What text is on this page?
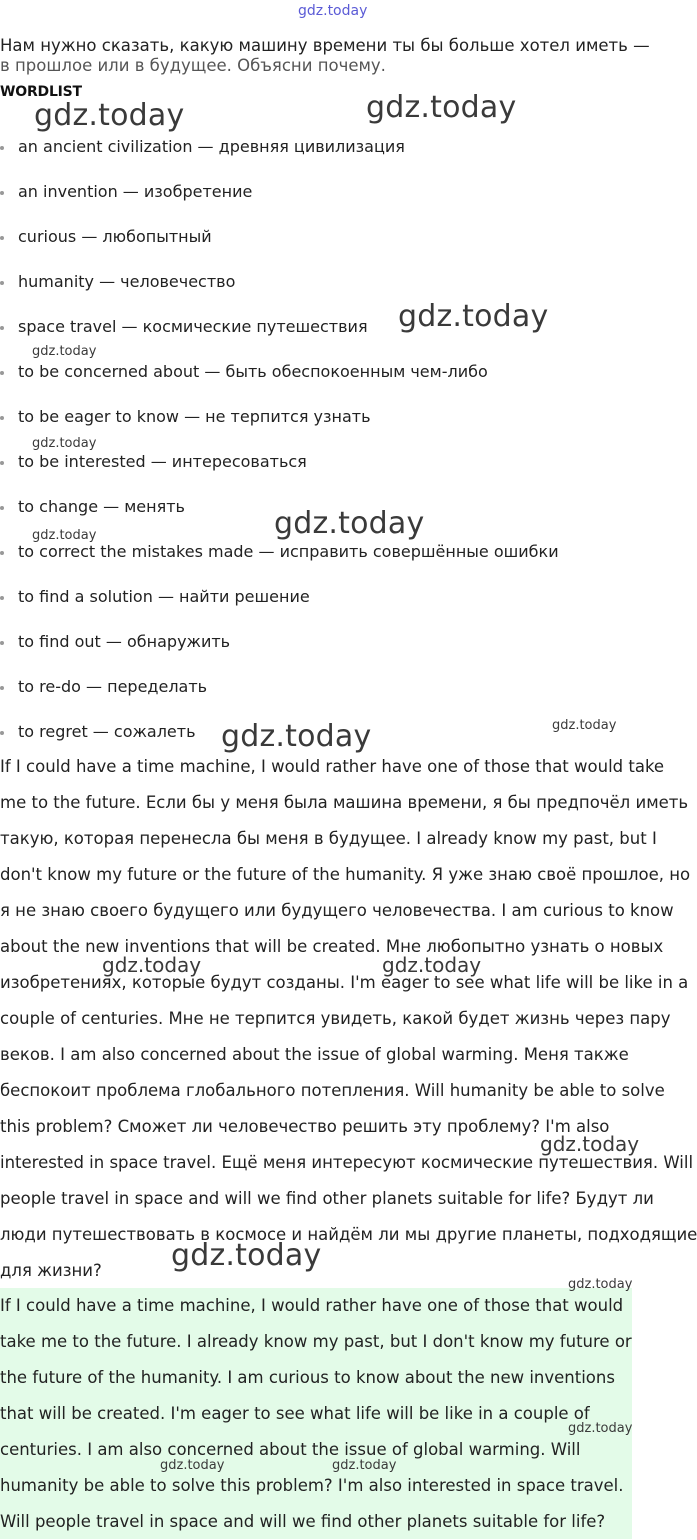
gdz.today
Нам нужно сказать, какую машину времени ты бы больше хотел иметь —
в прошлое или в будущее. Объясни почему.
WORDLIST
an ancient civilization — древняя цивилизация
an invention — изобретение
curious — любопытный
humanity — человечество
space travel — космические путешествия
to be concerned about — быть обеспокоенным чем-либо
to be eager to know — не терпится узнать
to be interested — интересоваться
to change — менять
to correct the mistakes made — исправить совершённые ошибки
to find a solution — найти решение
to find out — обнаружить
to re-do — переделать
to regret — сожалеть
If I could have a time machine, I would rather have one of those that would take
me to the future. Если бы у меня была машина времени, я бы предпочёл иметь
такую, которая перенесла бы меня в будущее. I already know my past, but I
don't know my future or the future of the humanity. Я уже знаю своё прошлое, но
я не знаю своего будущего или будущего человечества. I am curious to know
about the new inventions that will be created. Мне любопытно узнать о новых
изобретениях, которые будут созданы. I'm eager to see what life will be like in a
couple of centuries. Мне не терпится увидеть, какой будет жизнь через пару
веков. I am also concerned about the issue of global warming. Меня также
беспокоит проблема глобального потепления. Will humanity be able to solve
this problem? Сможет ли человечество решить эту проблему? I'm also
interested in space travel. Ещё меня интересуют космические путешествия. Will
people travel in space and will we find other planets suitable for life? Будут ли
люди путешествовать в космосе и найдём ли мы другие планеты, подходящие
для жизни?
If I could have a time machine, I would rather have one of those that would
take me to the future. I already know my past, but I don't know my future or
the future of the humanity. I am curious to know about the new inventions
that will be created. I'm eager to see what life will be like in a couple of
centuries. I am also concerned about the issue of global warming. Will
humanity be able to solve this problem? I'm also interested in space travel.
Will people travel in space and will we find other planets suitable for life?
gdz.today	gdz.today
gdz.today
gdz.today
gdz.today
gdz.today
gdz.today
gdz.today
gdz.today
gdz.today	gdz.today
gdz.today
gdz.today
gdz.today
gdz.today
gdz.today	gdz.today
